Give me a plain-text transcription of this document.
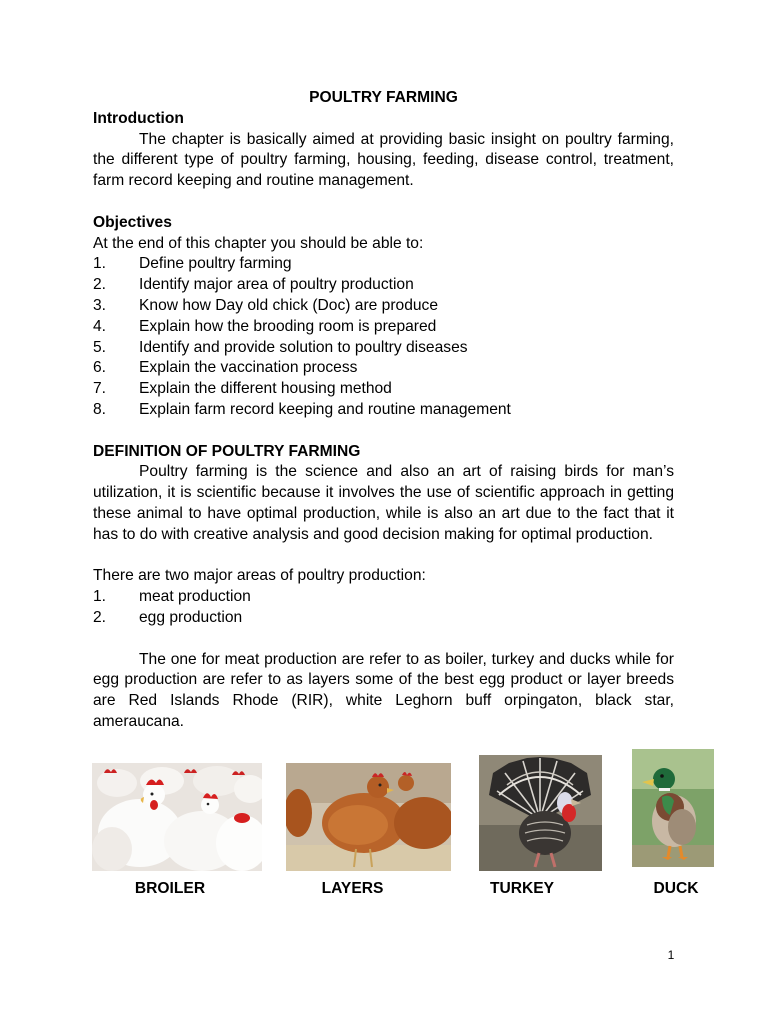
POULTRY FARMING

Introduction

The chapter is basically aimed at providing basic insight on poultry farming, the different type of poultry farming, housing, feeding, disease control, treatment, farm record keeping and routine management.

Objectives

At the end of this chapter you should be able to:

1.	Define poultry farming
2.	Identify major area of poultry production
3.	Know how Day old chick (Doc) are produce
4.	Explain how the brooding room is prepared
5.	Identify and provide solution to poultry diseases
6.	Explain the vaccination process
7.	Explain the different housing method
8.	Explain farm record keeping and routine management

DEFINITION OF POULTRY FARMING

Poultry farming is the science and also an art of raising birds for man’s utilization, it is scientific because it involves the use of scientific approach in getting these animal to have optimal production, while is also an art due to the fact that it has to do with creative analysis and good decision making for optimal production.

There are two major areas of poultry production:

1.	meat production
2.	egg production

The one for meat production are refer to as boiler, turkey and ducks while for egg production are refer to as layers some of the best egg product or layer breeds are Red Islands Rhode (RIR), white Leghorn buff orpingaton, black star, ameraucana.

BROILER	LAYERS	TURKEY	DUCK
1
